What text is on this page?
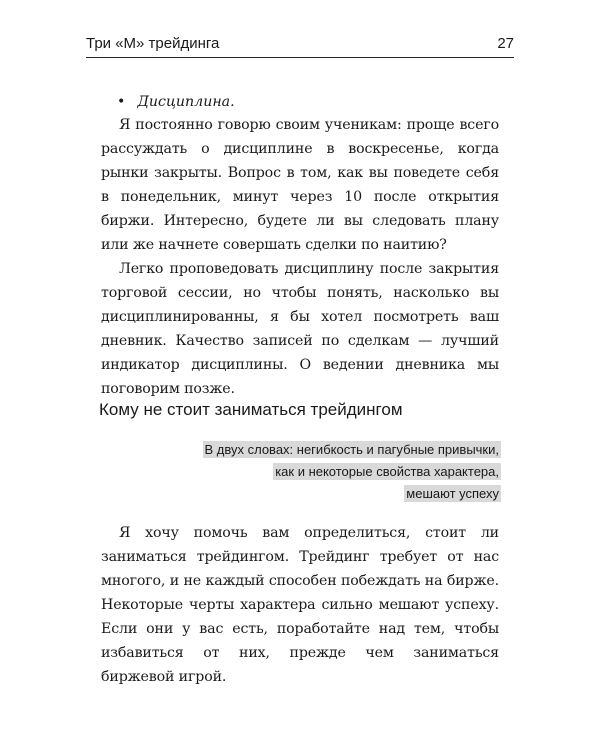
Три «М» трейдинга	27
• Дисциплина.

Я постоянно говорю своим ученикам: проще всего рассуждать о дисциплине в воскресенье, когда рынки закрыты. Вопрос в том, как вы поведете себя в понедельник, минут через 10 после открытия биржи. Интересно, будете ли вы следовать плану или же начнете совершать сделки по наитию?

Легко проповедовать дисциплину после закрытия торговой сессии, но чтобы понять, насколько вы дисциплинированны, я бы хотел посмотреть ваш дневник. Качество записей по сделкам — лучший индикатор дисциплины. О ведении дневника мы поговорим позже.

Кому не стоит заниматься трейдингом
В двух словах: негибкость и пагубные привычки,
как и некоторые свойства характера,
мешают успеху

Я хочу помочь вам определиться, стоит ли заниматься трейдингом. Трейдинг требует от нас многого, и не каждый способен побеждать на бирже. Некоторые черты характера сильно мешают успеху. Если они у вас есть, поработайте над тем, чтобы избавиться от них, прежде чем заниматься биржевой игрой.
